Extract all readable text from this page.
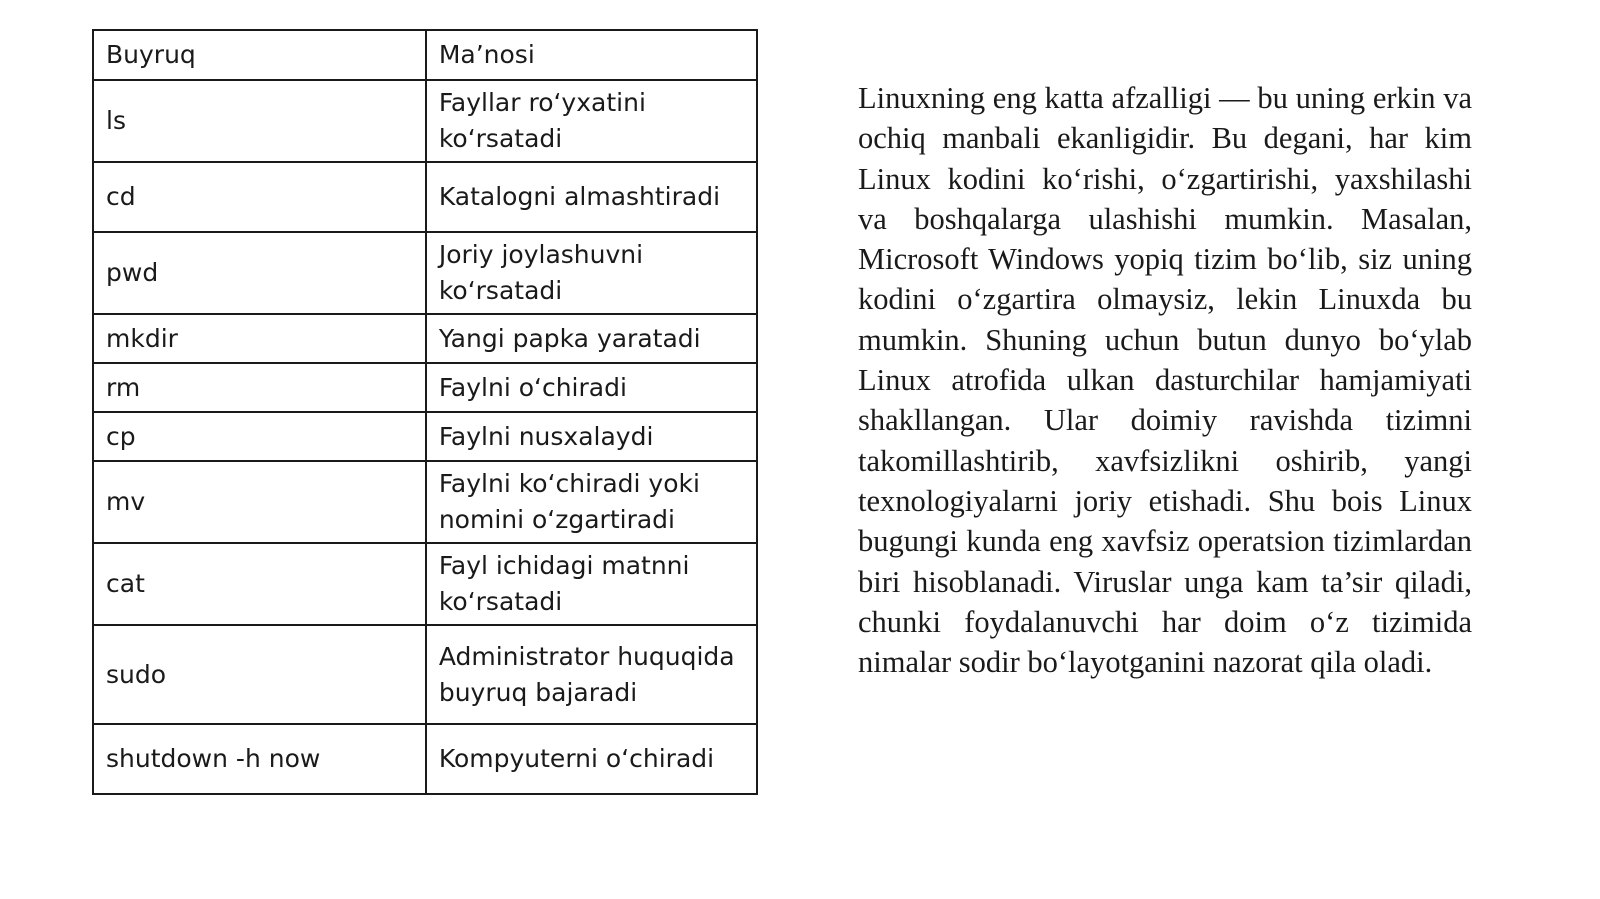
Buyruq	Ma’nosi
ls	Fayllar ro‘yxatini ko‘rsatadi
cd	Katalogni almashtiradi
pwd	Joriy joylashuvni ko‘rsatadi
mkdir	Yangi papka yaratadi
rm	Faylni o‘chiradi
cp	Faylni nusxalaydi
mv	Faylni ko‘chiradi yoki nomini o‘zgartiradi
cat	Fayl ichidagi matnni ko‘rsatadi
sudo	Administrator huquqida buyruq bajaradi
shutdown -h now	Kompyuterni o‘chiradi

Linuxning eng katta afzalligi — bu uning erkin va ochiq manbali ekanligidir. Bu degani, har kim Linux kodini ko‘rishi, o‘zgartirishi, yaxshilashi va boshqalarga ulashishi mumkin. Masalan, Microsoft Windows yopiq tizim bo‘lib, siz uning kodini o‘zgartira olmaysiz, lekin Linuxda bu mumkin. Shuning uchun butun dunyo bo‘ylab Linux atrofida ulkan dasturchilar hamjamiyati shakllangan. Ular doimiy ravishda tizimni takomillashtirib, xavfsizlikni oshirib, yangi texnologiyalarni joriy etishadi. Shu bois Linux bugungi kunda eng xavfsiz operatsion tizimlardan biri hisoblanadi. Viruslar unga kam ta’sir qiladi, chunki foydalanuvchi har doim o‘z tizimida nimalar sodir bo‘layotganini nazorat qila oladi.
